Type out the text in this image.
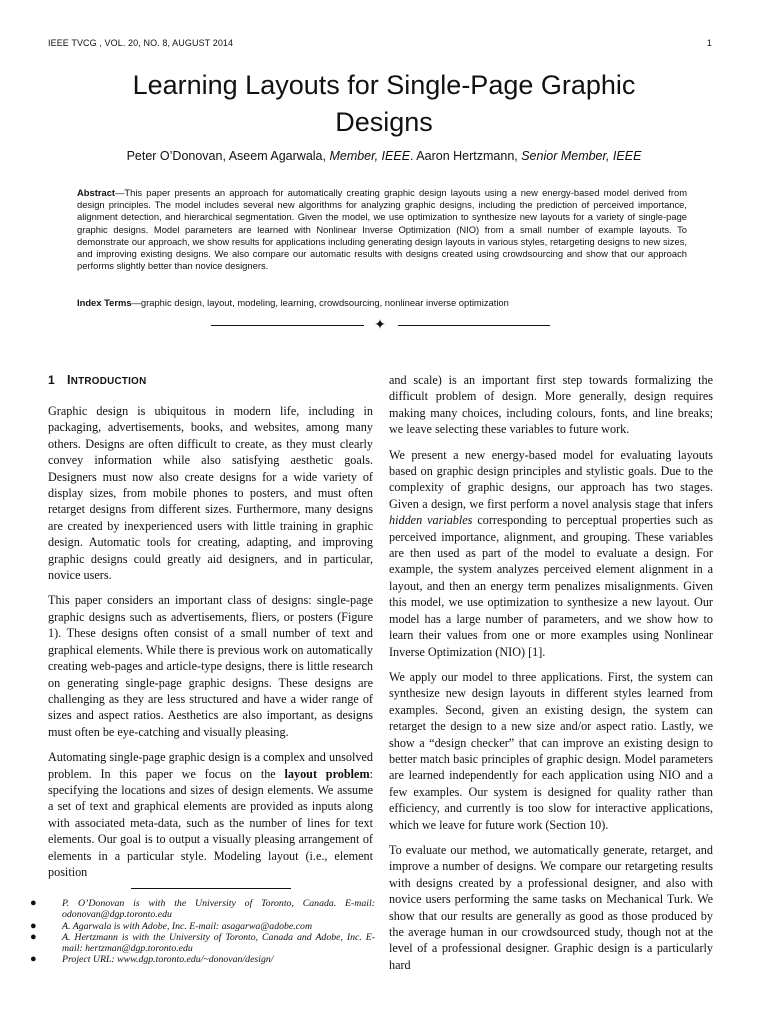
IEEE TVCG , VOL. 20, NO. 8, AUGUST 2014	1
Learning Layouts for Single-Page Graphic
Designs
Peter O’Donovan, Aseem Agarwala, Member, IEEE. Aaron Hertzmann, Senior Member, IEEE

Abstract—This paper presents an approach for automatically creating graphic design layouts using a new energy-based model derived from design principles. The model includes several new algorithms for analyzing graphic designs, including the prediction of perceived importance, alignment detection, and hierarchical segmentation. Given the model, we use optimization to synthesize new layouts for a variety of single-page graphic designs. Model parameters are learned with Nonlinear Inverse Optimization (NIO) from a small number of example layouts. To demonstrate our approach, we show results for applications including generating design layouts in various styles, retargeting designs to new sizes, and improving existing designs. We also compare our automatic results with designs created using crowdsourcing and show that our approach performs slightly better than novice designers.

Index Terms—graphic design, layout, modeling, learning, crowdsourcing, nonlinear inverse optimization

✦
1 INTRODUCTION

Graphic design is ubiquitous in modern life, including in packaging, advertisements, books, and websites, among many others. Designs are often difficult to create, as they must clearly convey information while also satisfying aesthetic goals. Designers must now also create designs for a wide variety of display sizes, from mobile phones to posters, and must often retarget designs from different sizes. Furthermore, many designs are created by inexperienced users with little training in graphic design. Automatic tools for creating, adapting, and improving graphic designs could greatly aid designers, and in particular, novice users.

This paper considers an important class of designs: single-page graphic designs such as advertisements, fliers, or posters (Figure 1). These designs often consist of a small number of text and graphical elements. While there is previous work on automatically creating web-pages and article-type designs, there is little research on generating single-page graphic designs. These designs are challenging as they are less structured and have a wider range of sizes and aspect ratios. Aesthetics are also important, as designs must often be eye-catching and visually pleasing.

Automating single-page graphic design is a complex and unsolved problem. In this paper we focus on the layout problem: specifying the locations and sizes of design elements. We assume a set of text and graphical elements are provided as inputs along with associated meta-data, such as the number of lines for text elements. Our goal is to output a visually pleasing arrangement of elements in a particular style. Modeling layout (i.e., element position

and scale) is an important first step towards formalizing the difficult problem of design. More generally, design requires making many choices, including colours, fonts, and line breaks; we leave selecting these variables to future work.

We present a new energy-based model for evaluating layouts based on graphic design principles and stylistic goals. Due to the complexity of graphic designs, our approach has two stages. Given a design, we first perform a novel analysis stage that infers hidden variables corresponding to perceptual properties such as perceived importance, alignment, and grouping. These variables are then used as part of the model to evaluate a design. For example, the system analyzes perceived element alignment in a layout, and then an energy term penalizes misalignments. Given this model, we use optimization to synthesize a new layout. Our model has a large number of parameters, and we show how to learn their values from one or more examples using Nonlinear Inverse Optimization (NIO) [1].

We apply our model to three applications. First, the system can synthesize new design layouts in different styles learned from examples. Second, given an existing design, the system can retarget the design to a new size and/or aspect ratio. Lastly, we show a “design checker” that can improve an existing design to better match basic principles of graphic design. Model parameters are learned independently for each application using NIO and a few examples. Our system is designed for quality rather than efficiency, and currently is too slow for interactive applications, which we leave for future work (Section 10).

To evaluate our method, we automatically generate, retarget, and improve a number of designs. We compare our retargeting results with designs created by a professional designer, and also with novice users performing the same tasks on Mechanical Turk. We show that our results are generally as good as those produced by the average human in our crowdsourced study, though not at the level of a professional designer. Graphic design is a particularly hard

●	P. O’Donovan is with the University of Toronto, Canada. E-mail: odonovan@dgp.toronto.edu
●	A. Agarwala is with Adobe, Inc. E-mail: asagarwa@adobe.com
●	A. Hertzmann is with the University of Toronto, Canada and Adobe, Inc. E-mail: hertzman@dgp.toronto.edu
●	Project URL: www.dgp.toronto.edu/~donovan/design/
